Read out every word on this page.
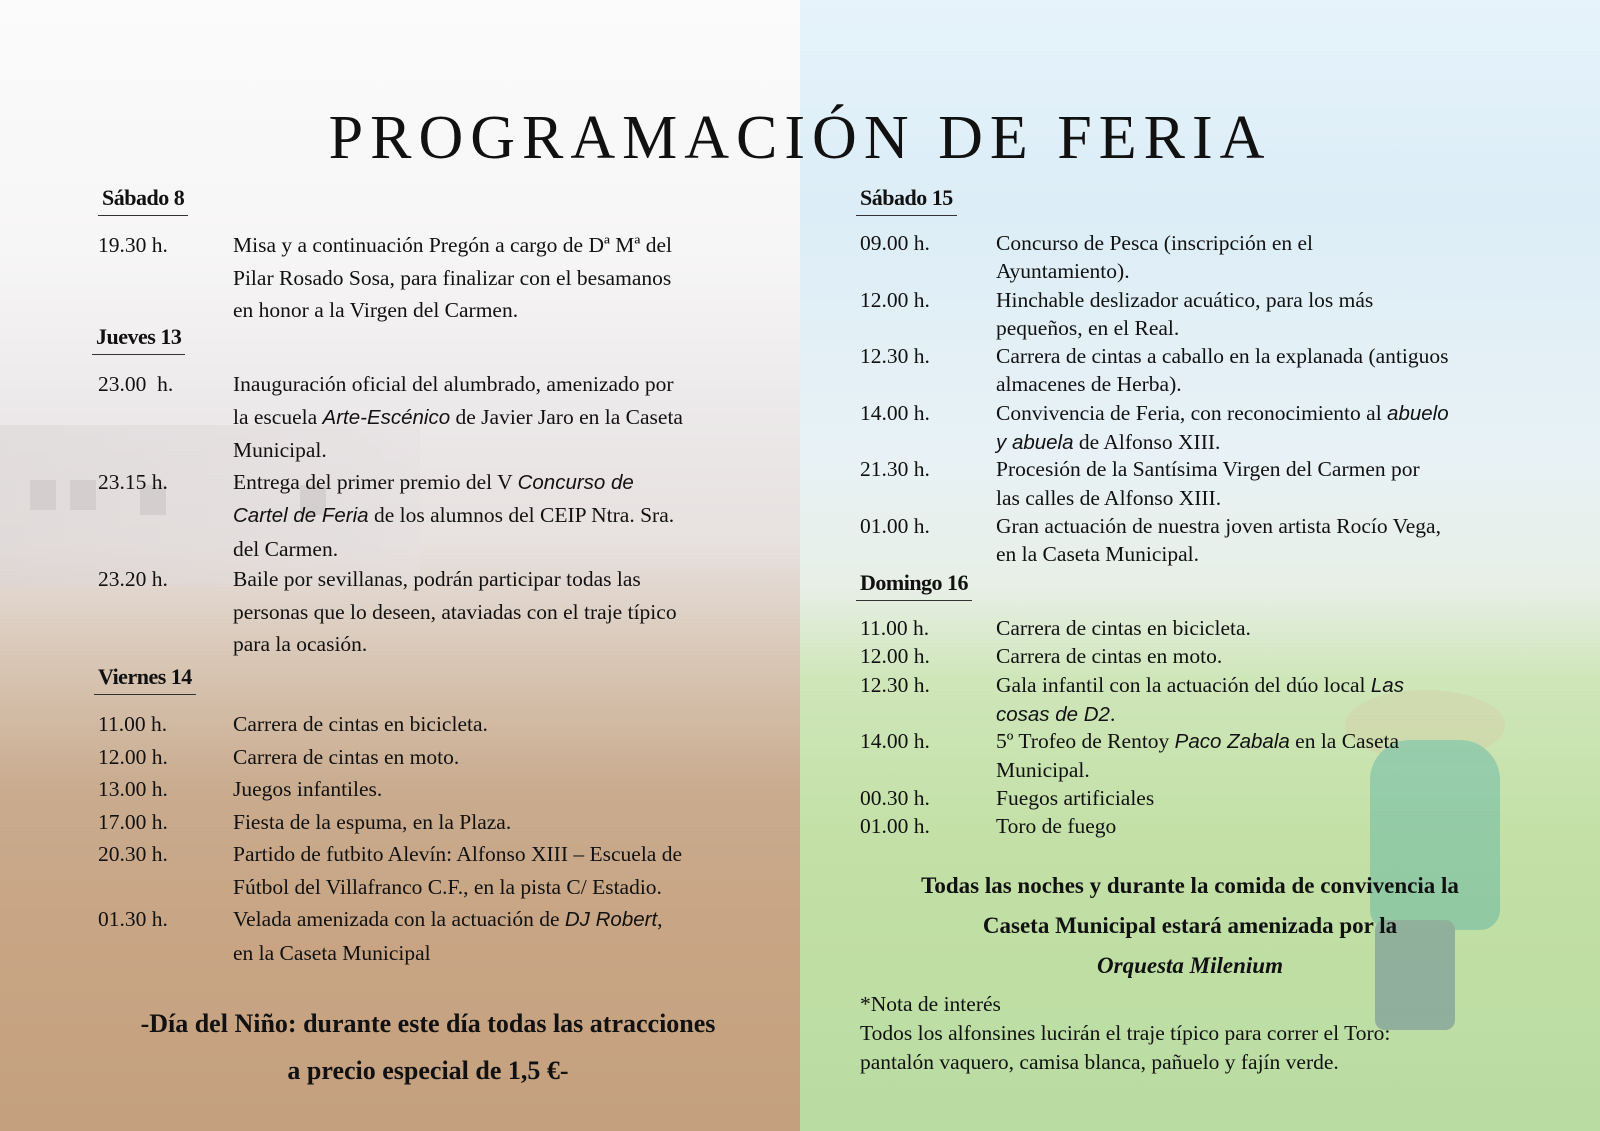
PROGRAMACIÓN DE FERIA
Sábado 8
19.30 h.	Misa y a continuación Pregón a cargo de Dª Mª del
Pilar Rosado Sosa, para finalizar con el besamanos
en honor a la Virgen del Carmen.
Jueves 13
23.00  h.	Inauguración oficial del alumbrado, amenizado por
la escuela Arte-Escénico de Javier Jaro en la Caseta
Municipal.
23.15 h.	Entrega del primer premio del V Concurso de
Cartel de Feria de los alumnos del CEIP Ntra. Sra.
del Carmen.
23.20 h.	Baile por sevillanas, podrán participar todas las
personas que lo deseen, ataviadas con el traje típico
para la ocasión.
Viernes 14
11.00 h.	Carrera de cintas en bicicleta.
12.00 h.	Carrera de cintas en moto.
13.00 h.	Juegos infantiles.
17.00 h.	Fiesta de la espuma, en la Plaza.
20.30 h.	Partido de futbito Alevín: Alfonso XIII – Escuela de
Fútbol del Villafranco C.F., en la pista C/ Estadio.
01.30 h.	Velada amenizada con la actuación de DJ Robert,
en la Caseta Municipal
Sábado 15
09.00 h.	Concurso de Pesca (inscripción en el
Ayuntamiento).
12.00 h.	Hinchable deslizador acuático, para los más
pequeños, en el Real.
12.30 h.	Carrera de cintas a caballo en la explanada (antiguos
almacenes de Herba).
14.00 h.	Convivencia de Feria, con reconocimiento al abuelo
y abuela de Alfonso XIII.
21.30 h.	Procesión de la Santísima Virgen del Carmen por
las calles de Alfonso XIII.
01.00 h.	Gran actuación de nuestra joven artista Rocío Vega,
en la Caseta Municipal.
Domingo 16
11.00 h.	Carrera de cintas en bicicleta.
12.00 h.	Carrera de cintas en moto.
12.30 h.	Gala infantil con la actuación del dúo local Las
cosas de D2.
14.00 h.	5º Trofeo de Rentoy Paco Zabala en la Caseta
Municipal.
00.30 h.	Fuegos artificiales
01.00 h.	Toro de fuego
-Día del Niño: durante este día todas las atracciones
a precio especial de 1,5 €-
Todas las noches y durante la comida de convivencia la
Caseta Municipal estará amenizada por la
Orquesta Milenium
*Nota de interés
Todos los alfonsines lucirán el traje típico para correr el Toro:
pantalón vaquero, camisa blanca, pañuelo y fajín verde.
